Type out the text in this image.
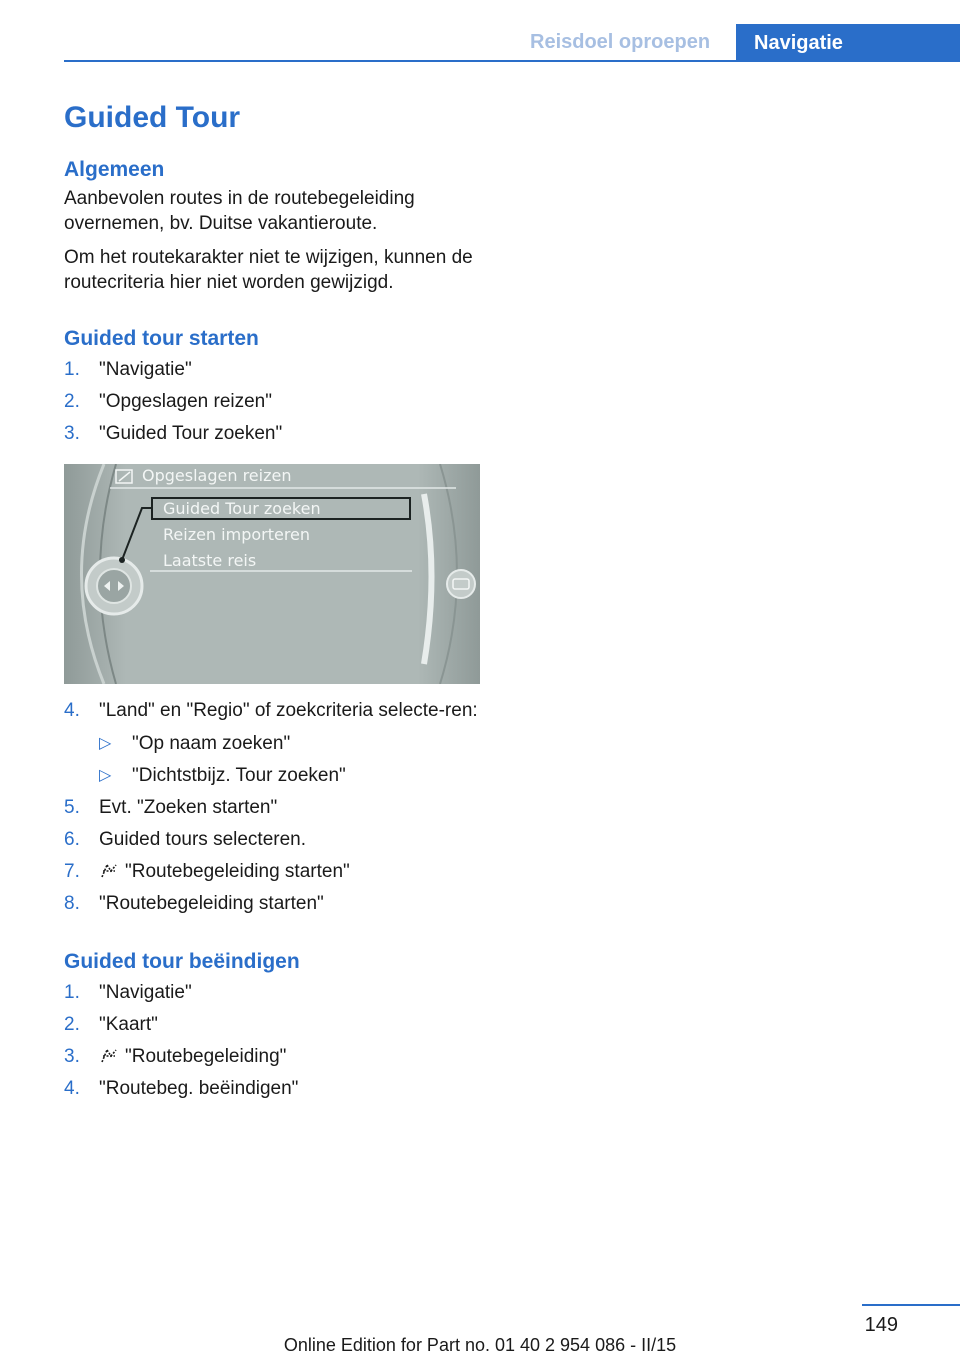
Reisdoel oproepen	Navigatie
Guided Tour
Algemeen

Aanbevolen routes in de routebegeleiding overnemen, bv. Duitse vakantieroute.

Om het routekarakter niet te wijzigen, kunnen de routecriteria hier niet worden gewijzigd.

Guided tour starten
1. "Navigatie"
2. "Opgeslagen reizen"
3. "Guided Tour zoeken"
Opgeslagen reizen
Guided Tour zoeken
Reizen importeren
Laatste reis
4. "Land" en "Regio" of zoekcriteria selecte‐ren:
▷ "Op naam zoeken"
▷ "Dichtstbijz. Tour zoeken"
5. Evt. "Zoeken starten"
6. Guided tours selecteren.
7. "Routebegeleiding starten"
8. "Routebegeleiding starten"
Guided tour beëindigen
1. "Navigatie"
2. "Kaart"
3. "Routebegeleiding"
4. "Routebeg. beëindigen"
149
Online Edition for Part no. 01 40 2 954 086 - II/15
